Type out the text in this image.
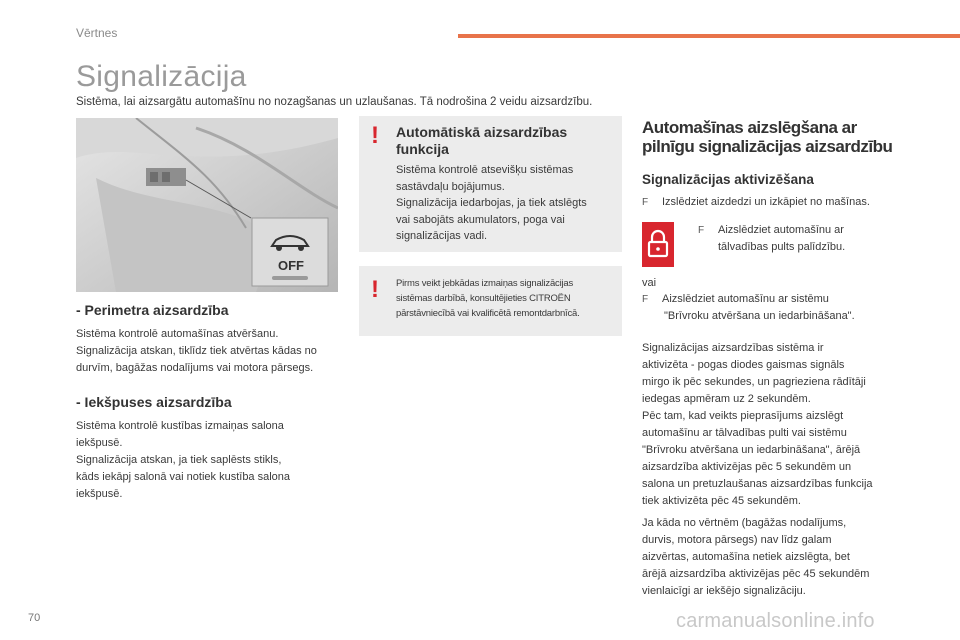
Vērtnes
Signalizācija
Sistēma, lai aizsargātu automašīnu no nozagšanas un uzlaušanas. Tā nodrošina 2 veidu aizsardzību.
OFF
- Perimetra aizsardzība
Sistēma kontrolē automašīnas atvēršanu.
Signalizācija atskan, tiklīdz tiek atvērtas kādas no
durvīm, bagāžas nodalījums vai motora pārsegs.
- Iekšpuses aizsardzība
Sistēma kontrolē kustības izmaiņas salona
iekšpusē.
Signalizācija atskan, ja tiek saplēsts stikls,
kāds iekāpj salonā vai notiek kustība salona
iekšpusē.
! Automātiskā aizsardzības
funkcija
Sistēma kontrolē atsevišķu sistēmas
sastāvdaļu bojājumus.
Signalizācija iedarbojas, ja tiek atslēgts
vai sabojāts akumulators, poga vai
signalizācijas vadi.
! Pirms veikt jebkādas izmaiņas signalizācijas
sistēmas darbībā, konsultējieties CITROËN
pārstāvniecībā vai kvalificētā remontdarbnīcā.
Automašīnas aizslēgšana ar
pilnīgu signalizācijas aizsardzību
Signalizācijas aktivizēšana
F Izslēdziet aizdedzi un izkāpiet no mašīnas.
F Aizslēdziet automašīnu ar
tālvadības pults palīdzību.
vai
F Aizslēdziet automašīnu ar sistēmu
"Brīvroku atvēršana un iedarbināšana".
Signalizācijas aizsardzības sistēma ir
aktivizēta - pogas diodes gaismas signāls
mirgo ik pēc sekundes, un pagrieziena rādītāji
iedegas apmēram uz 2 sekundēm.
Pēc tam, kad veikts pieprasījums aizslēgt
automašīnu ar tālvadības pulti vai sistēmu
"Brīvroku atvēršana un iedarbināšana", ārējā
aizsardzība aktivizējas pēc 5 sekundēm un
salona un pretuzlaušanas aizsardzības funkcija
tiek aktivizēta pēc 45 sekundēm.
Ja kāda no vērtnēm (bagāžas nodalījums,
durvis, motora pārsegs) nav līdz galam
aizvērtas, automašīna netiek aizslēgta, bet
ārējā aizsardzība aktivizējas pēc 45 sekundēm
vienlaicīgi ar iekšējo signalizāciju.
70	carmanualsonline.info
